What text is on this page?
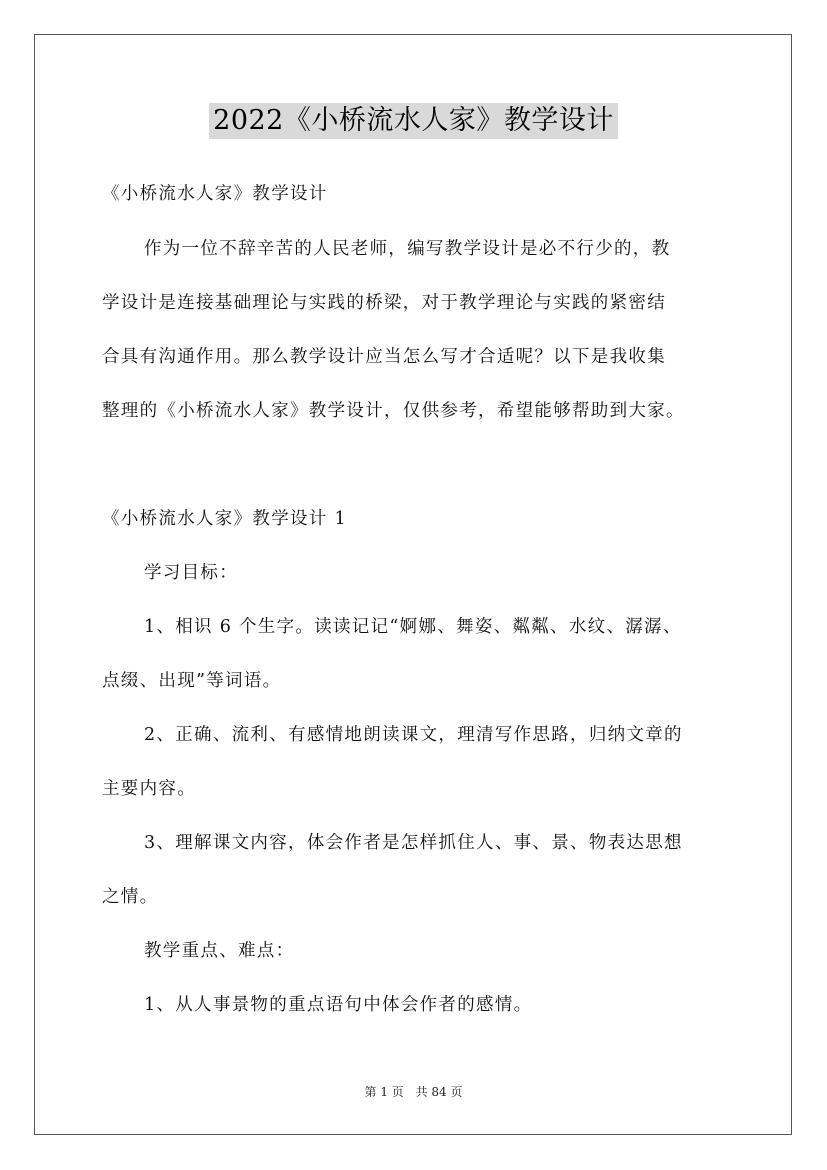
2022《小桥流水人家》教学设计
《小桥流水人家》教学设计
作为一位不辞辛苦的人民老师，编写教学设计是必不行少的，教
学设计是连接基础理论与实践的桥梁，对于教学理论与实践的紧密结
合具有沟通作用。那么教学设计应当怎么写才合适呢？以下是我收集
整理的《小桥流水人家》教学设计，仅供参考，希望能够帮助到大家。
《小桥流水人家》教学设计 1
学习目标：
1、相识 6 个生字。读读记记“婀娜、舞姿、粼粼、水纹、潺潺、
点缀、出现”等词语。
2、正确、流利、有感情地朗读课文，理清写作思路，归纳文章的
主要内容。
3、理解课文内容，体会作者是怎样抓住人、事、景、物表达思想
之情。
教学重点、难点：
1、从人事景物的重点语句中体会作者的感情。
第 1 页 共 84 页
